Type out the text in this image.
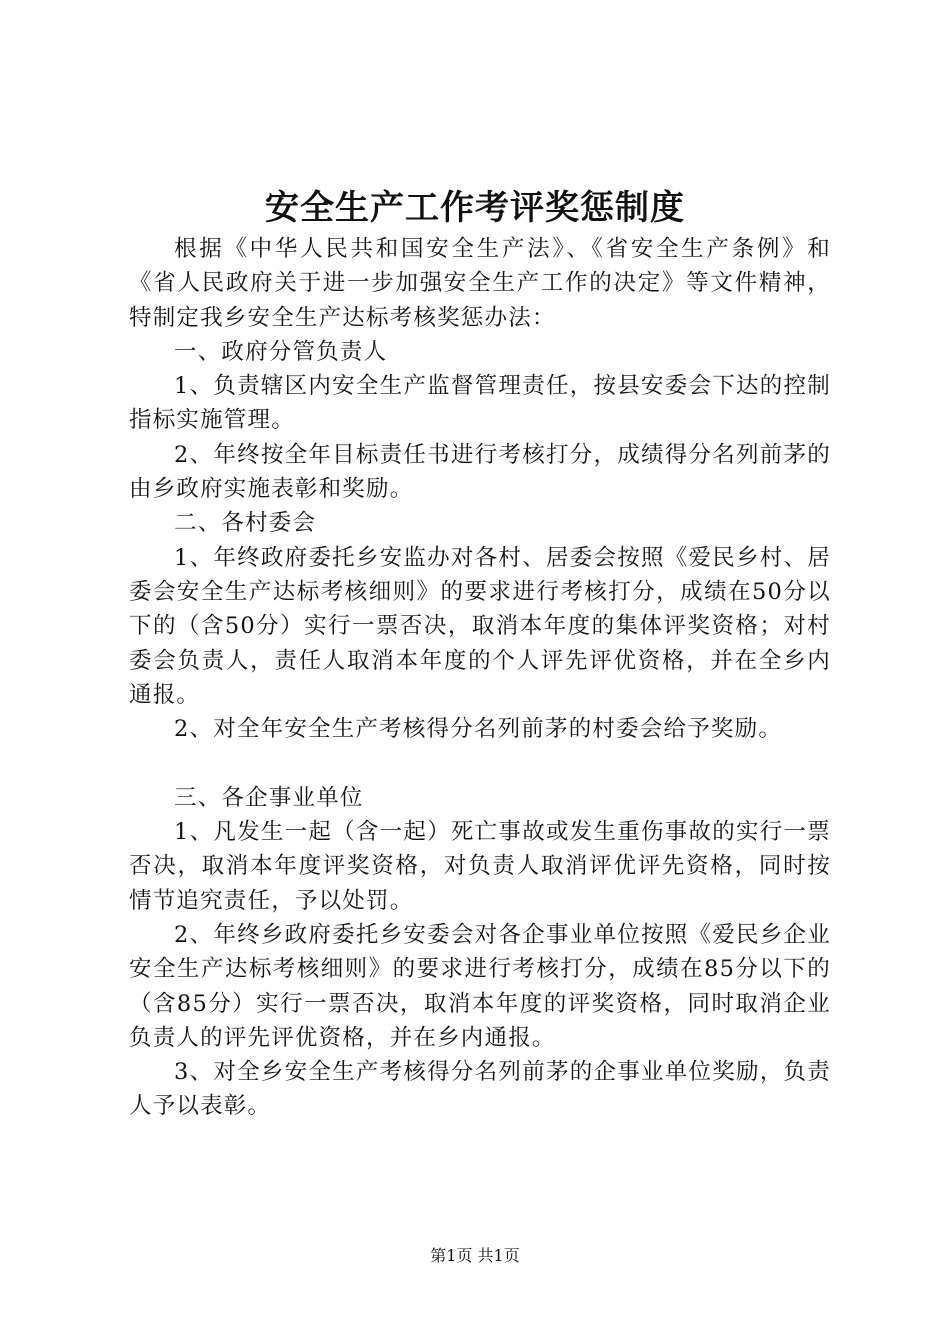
安全生产工作考评奖惩制度

根据《中华人民共和国安全生产法》、《省安全生产条例》和《省人民政府关于进一步加强安全生产工作的决定》等文件精神，特制定我乡安全生产达标考核奖惩办法：

一、政府分管负责人

1、负责辖区内安全生产监督管理责任，按县安委会下达的控制指标实施管理。

2、年终按全年目标责任书进行考核打分，成绩得分名列前茅的由乡政府实施表彰和奖励。

二、各村委会

1、年终政府委托乡安监办对各村、居委会按照《爱民乡村、居委会安全生产达标考核细则》的要求进行考核打分，成绩在50分以下的（含50分）实行一票否决，取消本年度的集体评奖资格；对村委会负责人，责任人取消本年度的个人评先评优资格，并在全乡内通报。

2、对全年安全生产考核得分名列前茅的村委会给予奖励。

三、各企事业单位

1、凡发生一起（含一起）死亡事故或发生重伤事故的实行一票否决，取消本年度评奖资格，对负责人取消评优评先资格，同时按情节追究责任，予以处罚。

2、年终乡政府委托乡安委会对各企事业单位按照《爱民乡企业安全生产达标考核细则》的要求进行考核打分，成绩在85分以下的（含85分）实行一票否决，取消本年度的评奖资格，同时取消企业负责人的评先评优资格，并在乡内通报。

3、对全乡安全生产考核得分名列前茅的企事业单位奖励，负责人予以表彰。

第1页 共1页
